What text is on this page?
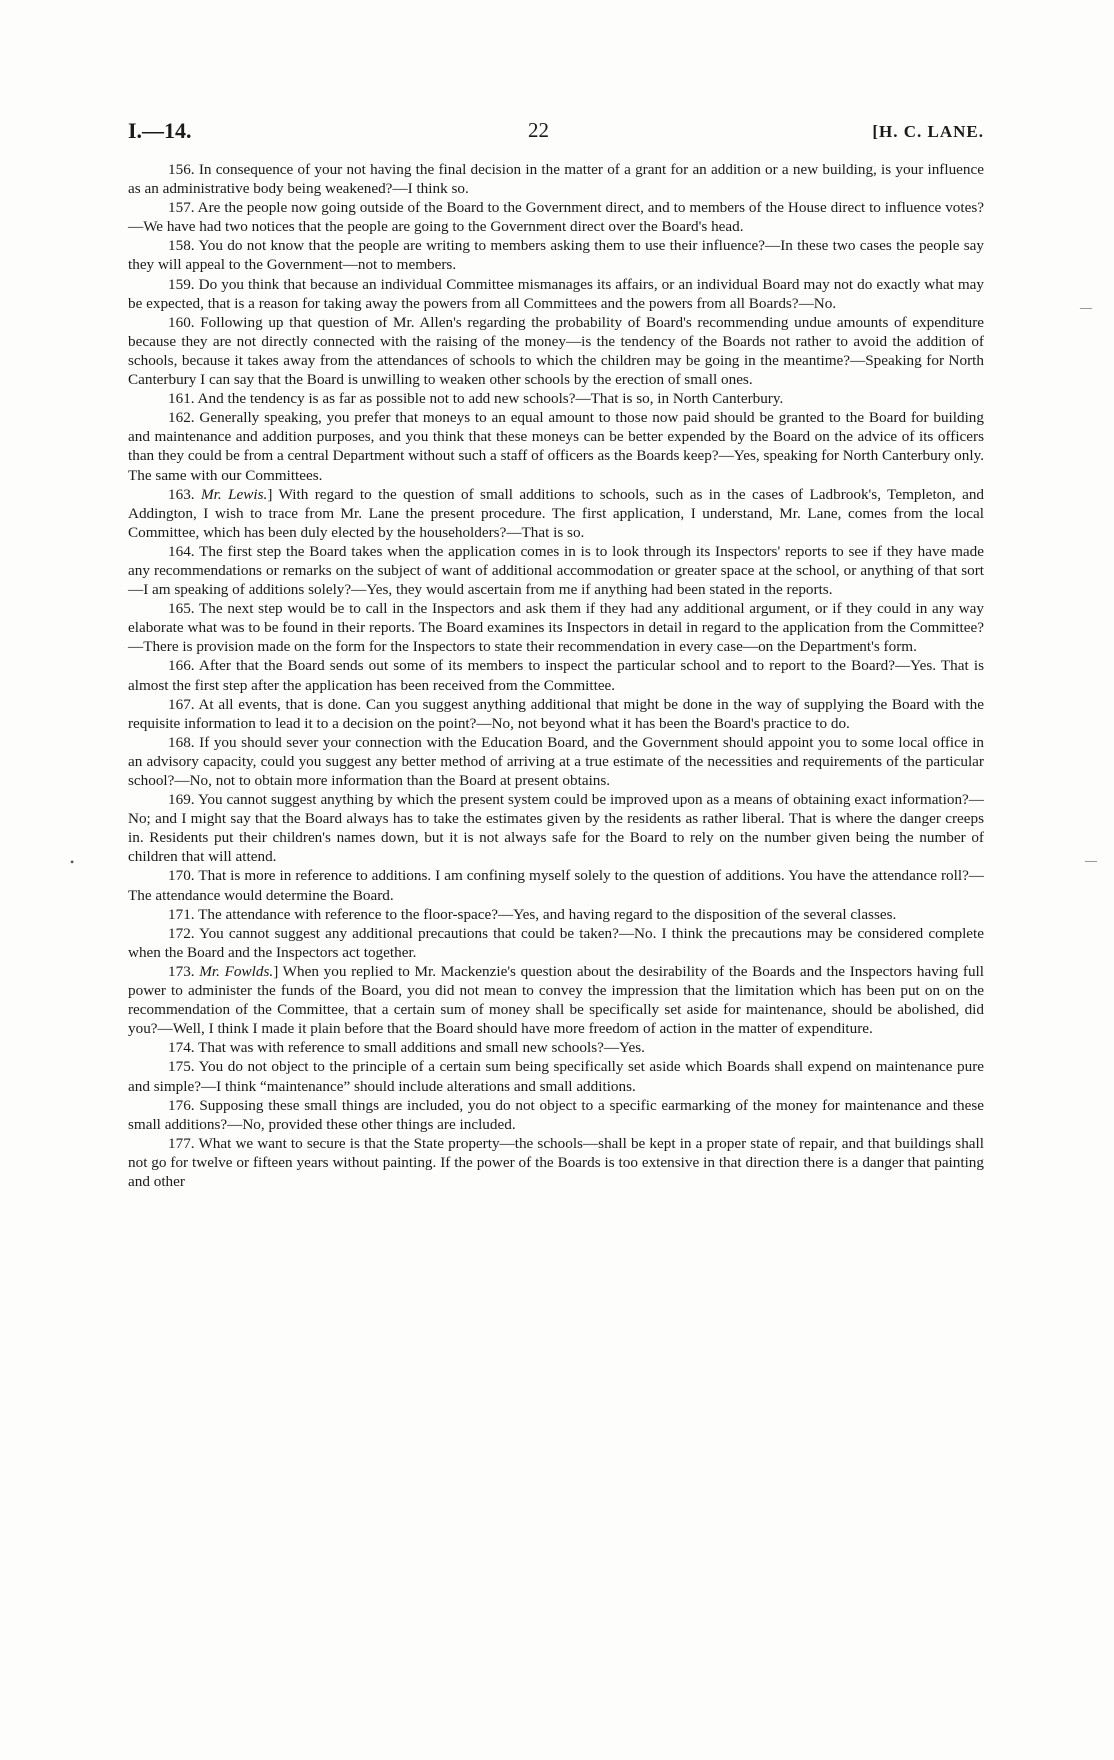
I.—14.	22	[H. C. LANE.

156. In consequence of your not having the final decision in the matter of a grant for an addition or a new building, is your influence as an administrative body being weakened?—I think so.

157. Are the people now going outside of the Board to the Government direct, and to members of the House direct to influence votes?—We have had two notices that the people are going to the Government direct over the Board's head.

158. You do not know that the people are writing to members asking them to use their influence?—In these two cases the people say they will appeal to the Government—not to members.

159. Do you think that because an individual Committee mismanages its affairs, or an individual Board may not do exactly what may be expected, that is a reason for taking away the powers from all Committees and the powers from all Boards?—No.

160. Following up that question of Mr. Allen's regarding the probability of Board's recommending undue amounts of expenditure because they are not directly connected with the raising of the money—is the tendency of the Boards not rather to avoid the addition of schools, because it takes away from the attendances of schools to which the children may be going in the meantime?—Speaking for North Canterbury I can say that the Board is unwilling to weaken other schools by the erection of small ones.

161. And the tendency is as far as possible not to add new schools?—That is so, in North Canterbury.

162. Generally speaking, you prefer that moneys to an equal amount to those now paid should be granted to the Board for building and maintenance and addition purposes, and you think that these moneys can be better expended by the Board on the advice of its officers than they could be from a central Department without such a staff of officers as the Boards keep?—Yes, speaking for North Canterbury only. The same with our Committees.

163. Mr. Lewis.] With regard to the question of small additions to schools, such as in the cases of Ladbrook's, Templeton, and Addington, I wish to trace from Mr. Lane the present procedure. The first application, I understand, Mr. Lane, comes from the local Committee, which has been duly elected by the householders?—That is so.

164. The first step the Board takes when the application comes in is to look through its Inspectors' reports to see if they have made any recommendations or remarks on the subject of want of additional accommodation or greater space at the school, or anything of that sort—I am speaking of additions solely?—Yes, they would ascertain from me if anything had been stated in the reports.

165. The next step would be to call in the Inspectors and ask them if they had any additional argument, or if they could in any way elaborate what was to be found in their reports. The Board examines its Inspectors in detail in regard to the application from the Committee?—There is provision made on the form for the Inspectors to state their recommendation in every case—on the Department's form.

166. After that the Board sends out some of its members to inspect the particular school and to report to the Board?—Yes. That is almost the first step after the application has been received from the Committee.

167. At all events, that is done. Can you suggest anything additional that might be done in the way of supplying the Board with the requisite information to lead it to a decision on the point?—No, not beyond what it has been the Board's practice to do.

168. If you should sever your connection with the Education Board, and the Government should appoint you to some local office in an advisory capacity, could you suggest any better method of arriving at a true estimate of the necessities and requirements of the particular school?—No, not to obtain more information than the Board at present obtains.

169. You cannot suggest anything by which the present system could be improved upon as a means of obtaining exact information?—No; and I might say that the Board always has to take the estimates given by the residents as rather liberal. That is where the danger creeps in. Residents put their children's names down, but it is not always safe for the Board to rely on the number given being the number of children that will attend.

170. That is more in reference to additions. I am confining myself solely to the question of additions. You have the attendance roll?—The attendance would determine the Board.

171. The attendance with reference to the floor-space?—Yes, and having regard to the disposition of the several classes.

172. You cannot suggest any additional precautions that could be taken?—No. I think the precautions may be considered complete when the Board and the Inspectors act together.

173. Mr. Fowlds.] When you replied to Mr. Mackenzie's question about the desirability of the Boards and the Inspectors having full power to administer the funds of the Board, you did not mean to convey the impression that the limitation which has been put on on the recommendation of the Committee, that a certain sum of money shall be specifically set aside for maintenance, should be abolished, did you?—Well, I think I made it plain before that the Board should have more freedom of action in the matter of expenditure.

174. That was with reference to small additions and small new schools?—Yes.

175. You do not object to the principle of a certain sum being specifically set aside which Boards shall expend on maintenance pure and simple?—I think “maintenance” should include alterations and small additions.

176. Supposing these small things are included, you do not object to a specific earmarking of the money for maintenance and these small additions?—No, provided these other things are included.

177. What we want to secure is that the State property—the schools—shall be kept in a proper state of repair, and that buildings shall not go for twelve or fifteen years without painting. If the power of the Boards is too extensive in that direction there is a danger that painting and other

—
—
•
